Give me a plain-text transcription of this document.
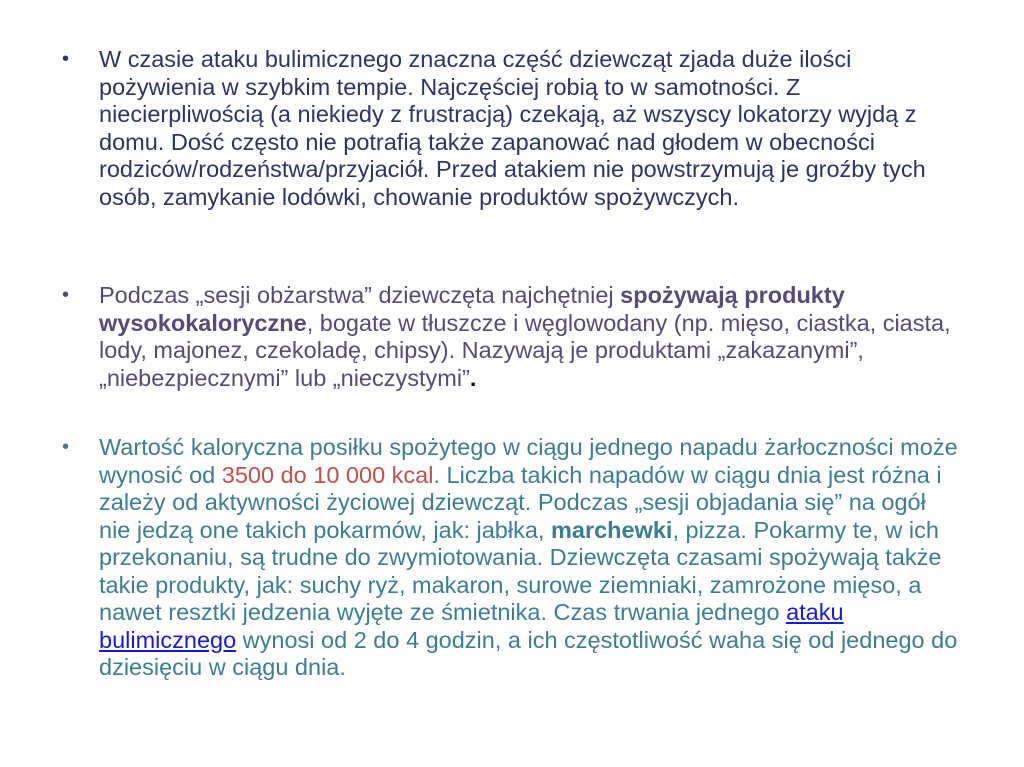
•	W czasie ataku bulimicznego znaczna część dziewcząt zjada duże ilości pożywienia w szybkim tempie. Najczęściej robią to w samotności. Z niecierpliwością (a niekiedy z frustracją) czekają, aż wszyscy lokatorzy wyjdą z domu. Dość często nie potrafią także zapanować nad głodem w obecności rodziców/rodzeństwa/przyjaciół. Przed atakiem nie powstrzymują je groźby tych osób, zamykanie lodówki, chowanie produktów spożywczych.
•	Podczas „sesji obżarstwa” dziewczęta najchętniej spożywają produkty wysokokaloryczne, bogate w tłuszcze i węglowodany (np. mięso, ciastka, ciasta, lody, majonez, czekoladę, chipsy). Nazywają je produktami „zakazanymi”, „niebezpiecznymi” lub „nieczystymi”.
•	Wartość kaloryczna posiłku spożytego w ciągu jednego napadu żarłoczności może wynosić od 3500 do 10 000 kcal. Liczba takich napadów w ciągu dnia jest różna i zależy od aktywności życiowej dziewcząt. Podczas „sesji objadania się” na ogół nie jedzą one takich pokarmów, jak: jabłka, marchewki, pizza. Pokarmy te, w ich przekonaniu, są trudne do zwymiotowania. Dziewczęta czasami spożywają także takie produkty, jak: suchy ryż, makaron, surowe ziemniaki, zamrożone mięso, a nawet resztki jedzenia wyjęte ze śmietnika. Czas trwania jednego ataku bulimicznego wynosi od 2 do 4 godzin, a ich częstotliwość waha się od jednego do dziesięciu w ciągu dnia.
